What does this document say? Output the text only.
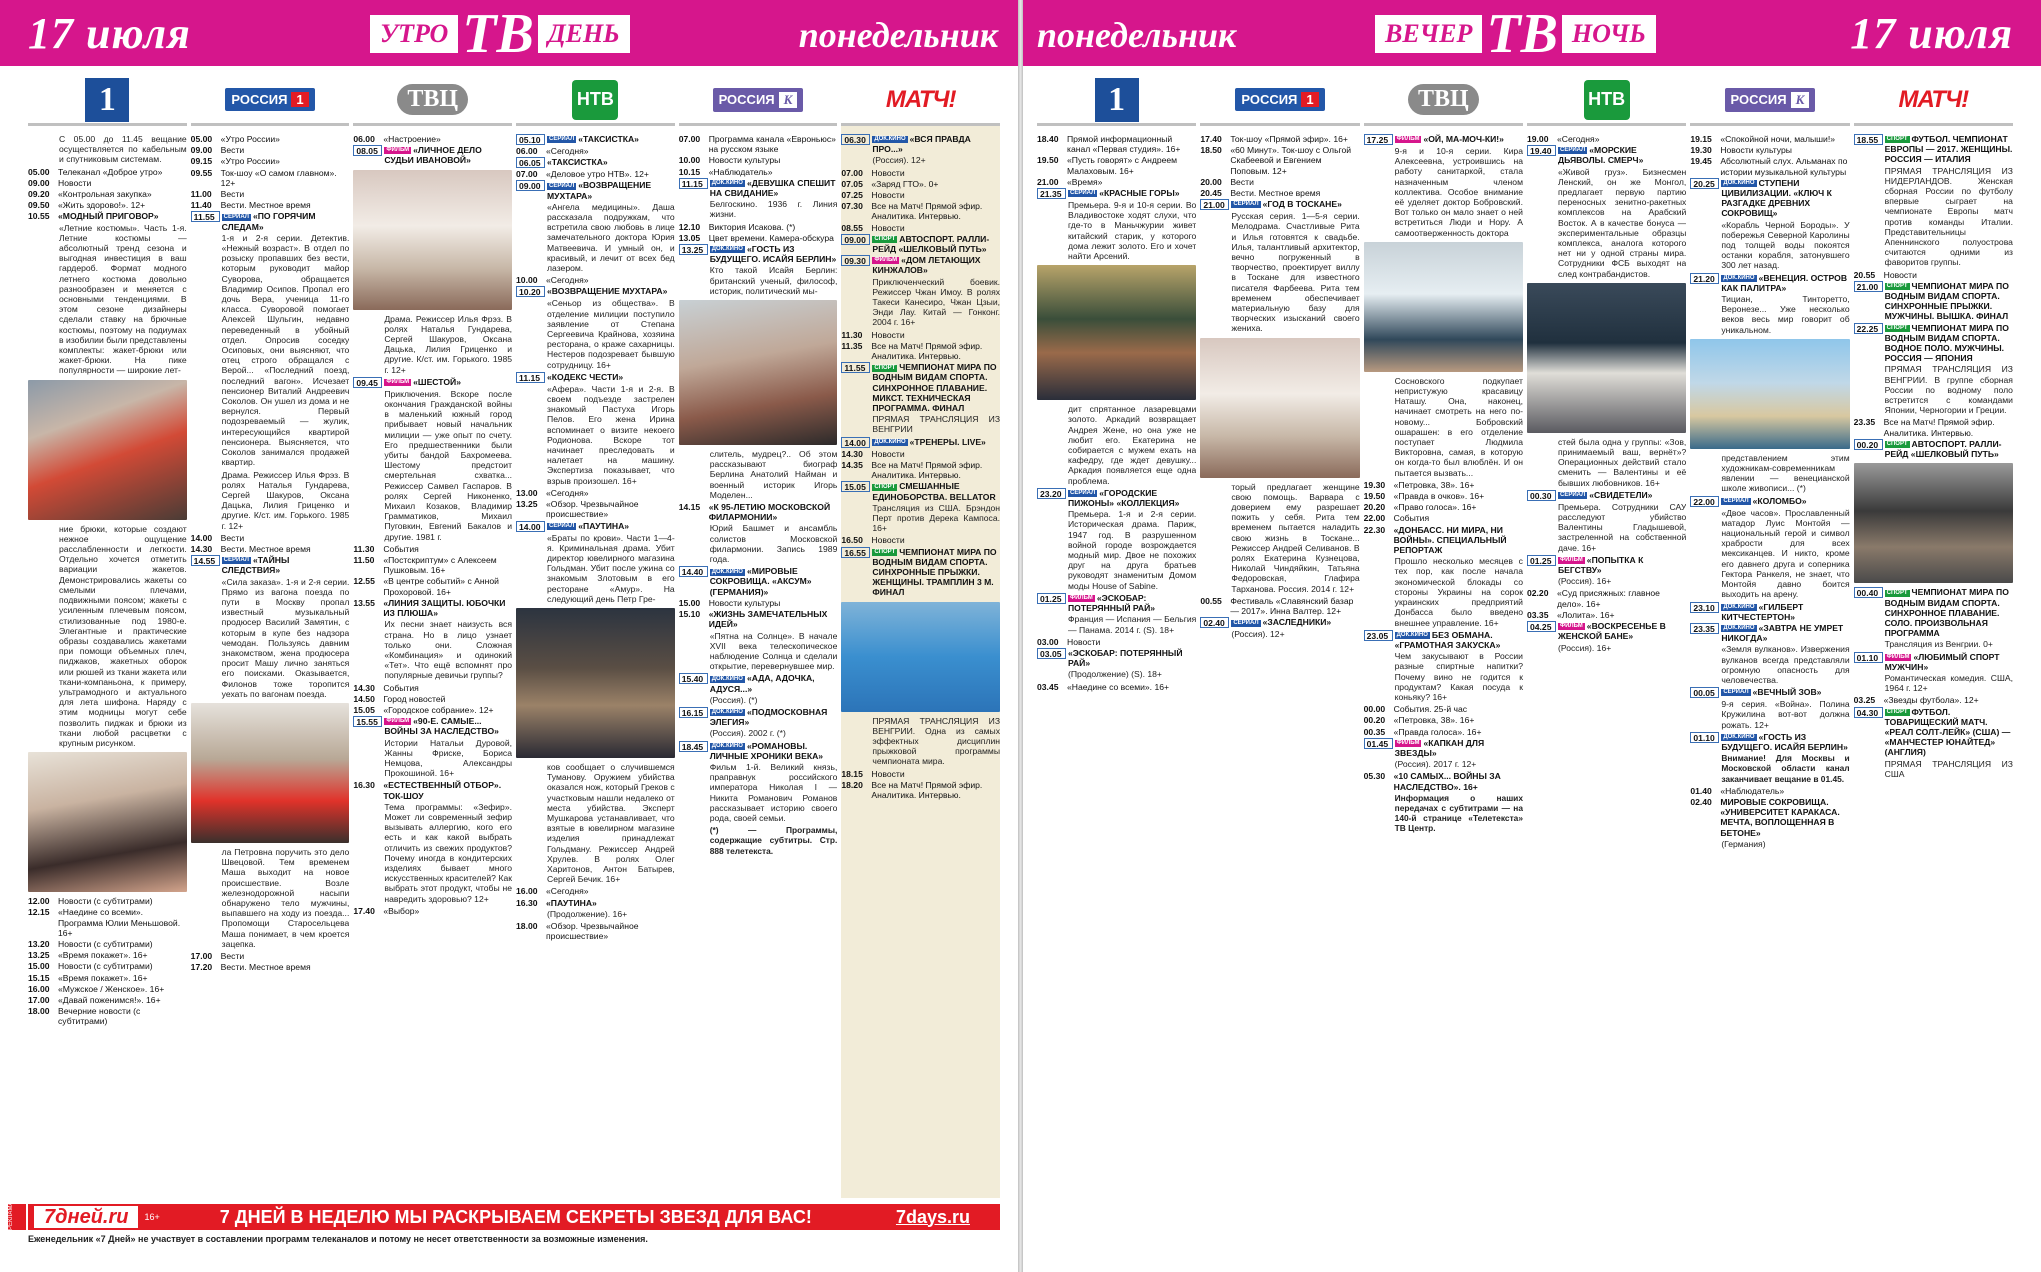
17 июля	УТРО ТВ ДЕНЬ	понедельник
1
С 05.00 до 11.45 вещание осуществляется по кабельным и спутниковым системам.
05.00 Телеканал «Доброе утро»
09.00 Новости
09.20 «Контрольная закупка»
09.50 «Жить здорово!». 12+
10.55 «МОДНЫЙ ПРИГОВОР»
«Летние костюмы». Часть 1-я. Летние костюмы — абсолютный тренд сезона и выгодная инвестиция в ваш гардероб. Формат модного летнего костюма довольно разнообразен и меняется с основными тенденциями. В этом сезоне дизайнеры сделали ставку на брючные костюмы, поэтому на подиумах в изобилии были представлены комплекты: жакет-брюки или жакет-брюки. На пике популярности — широкие лет-
ние брюки, которые создают нежное ощущение расслабленности и легкости. Отдельно хочется отметить вариации жакетов. Демонстрировались жакеты со смелыми плечами, подвижными поясом; жакеты с усиленным плечевым поясом, стилизованные под 1980-е. Элегантные и практические образы создавались жакетами при помощи объемных плеч, пиджаков, жакетных оборок или рюшей из ткани жакета или ткани-компаньона, к примеру, ультрамодного и актуального для лета шифона. Наряду с этим модницы могут себе позволить пиджак и брюки из ткани любой расцветки с крупным рисунком.
12.00 Новости (с субтитрами)
12.15 «Наедине со всеми». Программа Юлии Меньшовой. 16+
13.20 Новости (с субтитрами)
13.25 «Время покажет». 16+
15.00 Новости (с субтитрами)
15.15 «Время покажет». 16+
16.00 «Мужское / Женское». 16+
17.00 «Давай поженимся!». 16+
18.00 Вечерние новости (с субтитрами)
РОССИЯ 1
05.00 «Утро России»
09.00 Вести
09.15 «Утро России»
09.55 Ток-шоу «О самом главном». 12+
11.00	Вести
11.40	Вести. Местное время
11.55	СЕРИАЛ «ПО ГОРЯЧИМ СЛЕДАМ»
1-я и 2-я серии. Детектив. «Нежный возраст». В отдел по розыску пропавших без вести, которым руководит майор Суворова, обращается Владимир Осипов. Пропал его дочь Вера, ученица 11-го класса. Суворовой помогает Алексей Шульгин, недавно переведенный в убойный отдел. Опросив соседку Осиповых, они выясняют, что отец строго обращался с Верой... «Последний поезд, последний вагон». Исчезает пенсионер Виталий Андреевич Соколов. Он ушел из дома и не вернулся. Первый подозреваемый — жулик, интересующийся квартирой пенсионера. Выясняется, что Соколов занимался продажей квартир.
Драма. Режиссер Илья Фрэз. В ролях Наталья Гундарева, Сергей Шакуров, Оксана Дацька, Лилия Гриценко и другие. К/ст. им. Горького. 1985 г. 12+
14.00 Вести
14.30 Вести. Местное время
14.55	СЕРИАЛ «ТАЙНЫ СЛЕДСТВИЯ»
«Сила заказа». 1-я и 2-я серии. Прямо из вагона поезда по пути в Москву пропал известный музыкальный продюсер Василий Замятин, с которым в купе без надзора чемодан. Пользуясь давним знакомством, жена продюсера просит Машу лично заняться его поисками. Оказывается, Филонов тоже торопится уехать по вагонам поезда.
ла Петровна поручить это дело Швецовой. Тем временем Маша выходит на новое происшествие. Возле железнодорожной насыпи обнаружено тело мужчины, выпавшего на ходу из поезда... Пропомощи Старосельцева Маша понимает, в чем кроется зацепка.
17.00 Вести
17.20 Вести. Местное время
ТВЦ
06.00 «Настроение»
08.05	ФИЛЬМ «ЛИЧНОЕ ДЕЛО СУДЬИ ИВАНОВОЙ»
Драма. Режиссер Илья Фрэз. В ролях Наталья Гундарева, Сергей Шакуров, Оксана Дацька, Лилия Гриценко и другие. К/ст. им. Горького. 1985 г. 12+
09.45	ФИЛЬМ «ШЕСТОЙ»
Приключения. Вскоре после окончания Гражданской войны в маленький южный город прибывает новый начальник милиции — уже опыт по счету. Его предшественники были убиты бандой Бахромеева. Шестому предстоит смертельная схватка... Режиссер Самвел Гаспаров. В ролях Сергей Никоненко, Михаил Козаков, Владимир Грамматиков, Михаил Пуговкин, Евгений Бакалов и другие. 1981 г.
11.30	События
11.50	«Постскриптум» с Алексеем Пушковым. 16+
12.55 «В центре событий» с Анной Прохоровой. 16+
13.55 «ЛИНИЯ ЗАЩИТЫ. ЮБОЧКИ ИЗ ПЛЮША»
Их песни знает наизусть вся страна. Но в лицо узнает только они. Сложная «Комбинация» и одинокий «Тет». Что ещё вспомнят про популярные девичьи группы?
14.30 События
14.50 Город новостей
15.05 «Городское собрание». 12+
15.55	ФИЛЬМ «90-Е. САМЫЕ... ВОЙНЫ ЗА НАСЛЕДСТВО»
Истории Натальи Дуровой, Жанны Фриске, Бориса Немцова, Александры Прокошиной. 16+
16.30 «ЕСТЕСТВЕННЫЙ ОТБОР». ТОК-ШОУ
Тема программы: «Зефир». Может ли современный зефир вызывать аллергию, кого его есть и как какой выбрать отличить из свежих продуктов? Почему иногда в кондитерских изделиях бывает много искусственных красителей? Как выбрать этот продукт, чтобы не навредить здоровью? 12+
17.40 «Выбор»
НТВ
05.10	СЕРИАЛ «ТАКСИСТКА»
06.00 «Сегодня»
06.05 «ТАКСИСТКА»
07.00 «Деловое утро НТВ». 12+
09.00	СЕРИАЛ «ВОЗВРАЩЕНИЕ МУХТАРА»
«Ангела медицины». Даша рассказала подружкам, что встретила свою любовь в лице замечательного доктора Юрия Матвеевича. И умный он, и красивый, и лечит от всех бед лазером.
10.00 «Сегодня»
10.20 «ВОЗВРАЩЕНИЕ МУХТАРА»
«Сеньор из общества». В отделение милиции поступило заявление от Степана Сергеевича Крайнова, хозяина ресторана, о краже сахарницы. Нестеров подозревает бывшую сотрудницу. 16+
11.15 «КОДЕКС ЧЕСТИ»
«Афера». Части 1-я и 2-я. В своем подъезде застрелен знакомый Пастуха Игорь Пелов. Его жена Ирина вспоминает о визите некоего Родионова. Вскоре тот начинает преследовать и налетает на машину. Экспертиза показывает, что взрыв произошел. 16+
13.00 «Сегодня»
13.25 «Обзор. Чрезвычайное происшествие»
14.00	СЕРИАЛ «ПАУТИНА»
«Браты по крови». Части 1—4-я. Криминальная драма. Убит директор ювелирного магазина Гольдман. Убит после ужина со знакомым Злотовым в его ресторане «Амур». На следующий день Петр Гре-
ков сообщает о случившемся Туманову. Оружием убийства оказался нож, который Греков с участковым нашли недалеко от места убийства. Эксперт Мушкарова устанавливает, что взятые в ювелирном магазине изделия принадлежат Гольдману. Режиссер Андрей Хрулев. В ролях Олег Харитонов, Антон Батырев, Сергей Бечик. 16+
16.00 «Сегодня»
16.30 «ПАУТИНА»
(Продолжение). 16+
18.00 «Обзор. Чрезвычайное происшествие»
РОССИЯ К
07.00 Программа канала «Евроньюс» на русском языке
10.00 Новости культуры
10.15 «Наблюдатель»
11.15	ДОК.КИНО «ДЕВУШКА СПЕШИТ НА СВИДАНИЕ»
Белгоскино. 1936 г. Линия жизни.
12.10 Виктория Исакова. (*)
13.05 Цвет времени. Камера-обскура
13.25	ДОК.КИНО «ГОСТЬ ИЗ БУДУЩЕГО. ИСАЙЯ БЕРЛИН»
Кто такой Исайя Берлин: британский ученый, философ, историк, политический мы-
слитель, мудрец?.. Об этом рассказывают биограф Берлина Анатолий Найман и военный историк Игорь Моделен...
14.15 «К 95-ЛЕТИЮ МОСКОВСКОЙ ФИЛАРМОНИИ»
Юрий Башмет и ансамбль солистов Московской филармонии. Запись 1989 года.
14.40	ДОК.КИНО «МИРОВЫЕ СОКРОВИЩА. «АКСУМ» (ГЕРМАНИЯ)»
15.00 Новости культуры
15.10 «ЖИЗНЬ ЗАМЕЧАТЕЛЬНЫХ ИДЕЙ»
«Пятна на Солнце». В начале XVII века телескопическое наблюдение Солнца и сделали открытие, перевернувшее мир.
15.40	ДОК.КИНО «АДА, АДОЧКА, АДУСЯ...»
(Россия). (*)
16.15	ДОК.КИНО «ПОДМОСКОВНАЯ ЭЛЕГИЯ»
(Россия). 2002 г. (*)
18.45	ДОК.КИНО «РОМАНОВЫ. ЛИЧНЫЕ ХРОНИКИ ВЕКА»
Фильм 1-й. Великий князь, праправнук российского императора Николая I — Никита Романович Романов рассказывает историю своего рода, своей семьи.
(*) — Программы, содержащие субтитры. Стр. 888 телетекста.
МАТЧ!
06.30	ДОК.КИНО «ВСЯ ПРАВДА ПРО...»
(Россия). 12+
07.00 Новости
07.05 «Заряд ГТО». 0+
07.25 Новости
07.30 Все на Матч! Прямой эфир. Аналитика. Интервью.
08.55 Новости
09.00	СПОРТ АВТОСПОРТ. РАЛЛИ-РЕЙД «ШЕЛКОВЫЙ ПУТЬ»
09.30	ФИЛЬМ «ДОМ ЛЕТАЮЩИХ КИНЖАЛОВ»
Приключенческий боевик. Режиссер Чжан Имоу. В ролях Такеси Канесиро, Чжан Цзыи, Энди Лау. Китай — Гонконг. 2004 г. 16+
11.30	Новости
11.35	Все на Матч! Прямой эфир. Аналитика. Интервью.
11.55	СПОРТ ЧЕМПИОНАТ МИРА ПО ВОДНЫМ ВИДАМ СПОРТА. СИНХРОННОЕ ПЛАВАНИЕ. МИКСТ. ТЕХНИЧЕСКАЯ ПРОГРАММА. ФИНАЛ
ПРЯМАЯ ТРАНСЛЯЦИЯ ИЗ ВЕНГРИИ
14.00	ДОК.КИНО «ТРЕНЕРЫ. LIVE»
14.30 Новости
14.35 Все на Матч! Прямой эфир. Аналитика. Интервью.
15.05	СПОРТ СМЕШАННЫЕ ЕДИНОБОРСТВА. BELLATOR
Трансляция из США. Брэндон Перт против Дерека Кампоса. 16+
16.50 Новости
16.55	СПОРТ ЧЕМПИОНАТ МИРА ПО ВОДНЫМ ВИДАМ СПОРТА. СИНХРОННЫЕ ПРЫЖКИ. ЖЕНЩИНЫ. ТРАМПЛИН 3 М. ФИНАЛ
ПРЯМАЯ ТРАНСЛЯЦИЯ ИЗ ВЕНГРИИ. Одна из самых эффектных дисциплин прыжковой программы чемпионата мира.
18.15 Новости
18.20 Все на Матч! Прямой эфир. Аналитика. Интервью.
РЕКЛАМА	7дней.ru	16+	7 ДНЕЙ В НЕДЕЛЮ МЫ РАСКРЫВАЕМ СЕКРЕТЫ ЗВЕЗД ДЛЯ ВАС!	7days.ru
Еженедельник «7 Дней» не участвует в составлении программ телеканалов и потому не несет ответственности за возможные изменения.
понедельник	ВЕЧЕР ТВ НОЧЬ	17 июля
1
18.40 Прямой информационный канал «Первая студия». 16+
19.50 «Пусть говорят» с Андреем Малаховым. 16+
21.00 «Время»
21.35	СЕРИАЛ «КРАСНЫЕ ГОРЫ»
Премьера. 9-я и 10-я серии. Во Владивостоке ходят слухи, что где-то в Маньчжурии живет китайский старик, у которого дома лежит золото. Его и хочет найти Арсений.
дит спрятанное лазаревцами золото. Аркадий возвращает Андрея Жене, но она уже не любит его. Екатерина не собирается с мужем ехать на кафедру, где ждет девушку... Аркадия появляется еще одна проблема.
23.20	СЕРИАЛ «ГОРОДСКИЕ ПИЖОНЫ» «КОЛЛЕКЦИЯ»
Премьера. 1-я и 2-я серии. Историческая драма. Париж, 1947 год. В разрушенном войной городе возрождается модный мир. Двое не похожих друг на друга братьев руководят знаменитым Домом моды House of Sabine.
01.25	ФИЛЬМ «ЭСКОБАР: ПОТЕРЯННЫЙ РАЙ»
Франция — Испания — Бельгия — Панама. 2014 г. (S). 18+
03.00 Новости
03.05 «ЭСКОБАР: ПОТЕРЯННЫЙ РАЙ»
(Продолжение) (S). 18+
03.45 «Наедине со всеми». 16+
РОССИЯ 1
17.40 Ток-шоу «Прямой эфир». 16+
18.50 «60 Минут». Ток-шоу с Ольгой Скабеевой и Евгением Поповым. 12+
20.00 Вести
20.45 Вести. Местное время
21.00	СЕРИАЛ «ГОД В ТОСКАНЕ»
Русская серия. 1—5-я серии. Мелодрама. Счастливые Рита и Илья готовятся к свадьбе. Илья, талантливый архитектор, вечно погруженный в творчество, проектирует виллу в Тоскане для известного писателя Фарбеева. Рита тем временем обеспечивает материальную базу для творческих изысканий своего жениха.
торый предлагает женщине свою помощь. Варвара с доверием ему разрешает пожить у себя. Рита тем временем пытается наладить свою жизнь в Тоскане... Режиссер Андрей Селиванов. В ролях Екатерина Кузнецова, Николай Чиндяйкин, Татьяна Федоровская, Глафира Тарханова. Россия. 2014 г. 12+
00.55 Фестиваль «Славянский базар — 2017». Инна Валтер. 12+
02.40	СЕРИАЛ «ЗАСЛЕДНИКИ»
(Россия). 12+
ТВЦ
17.25	ФИЛЬМ «ОЙ, МА-МОЧ-КИ!»
9-я и 10-я серии. Кира Алексеевна, устроившись на работу санитаркой, стала назначенным членом коллектива. Особое внимание её уделяет доктор Бобровский. Вот только он мало знает о ней встретиться Люди и Нору. А самоотверженность доктора
Сосновского подкупает непристужую красавицу Наташу. Она, наконец, начинает смотреть на него по-новому... Бобровский ошарашен: в его отделение поступает Людмила Викторовна, самая, в которую он когда-то был влюблён. И он пытается вызвать...
19.30 «Петровка, 38». 16+
19.50 «Правда в очков». 16+
20.20 «Право голоса». 16+
22.00 События
22.30 «ДОНБАСС. НИ МИРА, НИ ВОЙНЫ». СПЕЦИАЛЬНЫЙ РЕПОРТАЖ
Прошло несколько месяцев с тех пор, как после начала экономической блокады со стороны Украины на сорок украинских предприятий Донбасса было введено внешнее управление. 16+
23.05	ДОК.КИНО БЕЗ ОБМАНА. «ГРАМОТНАЯ ЗАКУСКА»
Чем закусывают в России разные спиртные напитки? Почему вино не годится к продуктам? Какая посуда к коньяку? 16+
00.00 События. 25-й час
00.20 «Петровка, 38». 16+
00.35 «Правда голоса». 16+
01.45	ФИЛЬМ «КАПКАН ДЛЯ ЗВЕЗДЫ»
(Россия). 2017 г. 12+
05.30 «10 САМЫХ... ВОЙНЫ ЗА НАСЛЕДСТВО». 16+
Информация о наших передачах с субтитрами — на 140-й странице «Телетекста» ТВ Центр.
НТВ
19.00 «Сегодня»
19.40	СЕРИАЛ «МОРСКИЕ ДЬЯВОЛЫ. СМЕРЧ»
«Живой груз». Бизнесмен Ленский, он же Монгол, предлагает первую партию переносных зенитно-ракетных комплексов на Арабский Восток. А в качестве бонуса — экспериментальные образцы комплекса, аналога которого нет ни у одной страны мира. Сотрудники ФСБ выходят на след контрабандистов.
стей была одна у группы: «Зов, принимаемый ваш, вернёт»? Операционных действий стало сменить — Валентины и её бывших любовников. 16+
00.30	СЕРИАЛ «СВИДЕТЕЛИ»
Премьера. Сотрудники САУ расследуют убийство Валентины Гладышевой, застреленной на собственной даче. 16+
01.25	ФИЛЬМ «ПОПЫТКА К БЕГСТВУ»
(Россия). 16+
02.20 «Суд присяжных: главное дело». 16+
03.35 «Лолита». 16+
04.25	ФИЛЬМ «ВОСКРЕСЕНЬЕ В ЖЕНСКОЙ БАНЕ»
(Россия). 16+
РОССИЯ К
19.15 «Спокойной ночи, малыши!»
19.30 Новости культуры
19.45 Абсолютный слух. Альманах по истории музыкальной культуры
20.25	ДОК.КИНО СТУПЕНИ ЦИВИЛИЗАЦИИ. «КЛЮЧ К РАЗГАДКЕ ДРЕВНИХ СОКРОВИЩ»
«Корабль Черной Бороды». У побережья Северной Каролины под толщей воды покоятся останки корабля, затонувшего 300 лет назад.
21.20	ДОК.КИНО «ВЕНЕЦИЯ. ОСТРОВ КАК ПАЛИТРА»
Тициан, Тинторетто, Веронезе... Уже несколько веков весь мир говорит об уникальном.
представлением этим художникам-современникам явлении — венецианской школе живописи... (*)
22.00	СЕРИАЛ «КОЛОМБО»
«Двое часов». Прославленный матадор Луис Монтойя — национальный герой и символ храбрости для всех мексиканцев. И никто, кроме его давнего друга и соперника Гектора Ранкеля, не знает, что Монтойя давно боится выходить на арену.
23.10	ДОК.КИНО «ГИЛБЕРТ КИТЧЕСТЕРТОН»
23.35	ДОК.КИНО «ЗАВТРА НЕ УМРЕТ НИКОГДА»
«Земля вулканов». Извержения вулканов всегда представляли огромную опасность для человечества.
00.05	СЕРИАЛ «ВЕЧНЫЙ ЗОВ»
9-я серия. «Война». Полина Кружилина вот-вот должна рожать. 12+
01.10	ДОК.КИНО «ГОСТЬ ИЗ БУДУЩЕГО. ИСАЙЯ БЕРЛИН»
Внимание! Для Москвы и Московской области канал заканчивает вещание в 01.45.
01.40 «Наблюдатель»
02.40 МИРОВЫЕ СОКРОВИЩА. «УНИВЕРСИТЕТ КАРАКАСА. МЕЧТА, ВОПЛОЩЕННАЯ В БЕТОНЕ»
(Германия)
МАТЧ!
18.55	СПОРТ ФУТБОЛ. ЧЕМПИОНАТ ЕВРОПЫ — 2017. ЖЕНЩИНЫ. РОССИЯ — ИТАЛИЯ
ПРЯМАЯ ТРАНСЛЯЦИЯ ИЗ НИДЕРЛАНДОВ. Женская сборная России по футболу впервые сыграет на чемпионате Европы матч против команды Италии. Представительницы Апеннинского полуострова считаются одними из фаворитов группы.
20.55 Новости
21.00	СПОРТ ЧЕМПИОНАТ МИРА ПО ВОДНЫМ ВИДАМ СПОРТА. СИНХРОННЫЕ ПРЫЖКИ. МУЖЧИНЫ. ВЫШКА. ФИНАЛ
22.25	СПОРТ ЧЕМПИОНАТ МИРА ПО ВОДНЫМ ВИДАМ СПОРТА. ВОДНОЕ ПОЛО. МУЖЧИНЫ. РОССИЯ — ЯПОНИЯ
ПРЯМАЯ ТРАНСЛЯЦИЯ ИЗ ВЕНГРИИ. В группе сборная России по водному поло встретится с командами Японии, Черногории и Греции.
23.35 Все на Матч! Прямой эфир. Аналитика. Интервью.
00.20	СПОРТ АВТОСПОРТ. РАЛЛИ-РЕЙД «ШЕЛКОВЫЙ ПУТЬ»
00.40	СПОРТ ЧЕМПИОНАТ МИРА ПО ВОДНЫМ ВИДАМ СПОРТА. СИНХРОННОЕ ПЛАВАНИЕ. СОЛО. ПРОИЗВОЛЬНАЯ ПРОГРАММА
Трансляция из Венгрии. 0+
01.10	ФИЛЬМ «ЛЮБИМЫЙ СПОРТ МУЖЧИН»
Романтическая комедия. США, 1964 г. 12+
03.25 «Звезды футбола». 12+
04.30	СПОРТ ФУТБОЛ. ТОВАРИЩЕСКИЙ МАТЧ. «РЕАЛ СОЛТ-ЛЕЙК» (США) — «МАНЧЕСТЕР ЮНАЙТЕД» (АНГЛИЯ)
ПРЯМАЯ ТРАНСЛЯЦИЯ ИЗ США
